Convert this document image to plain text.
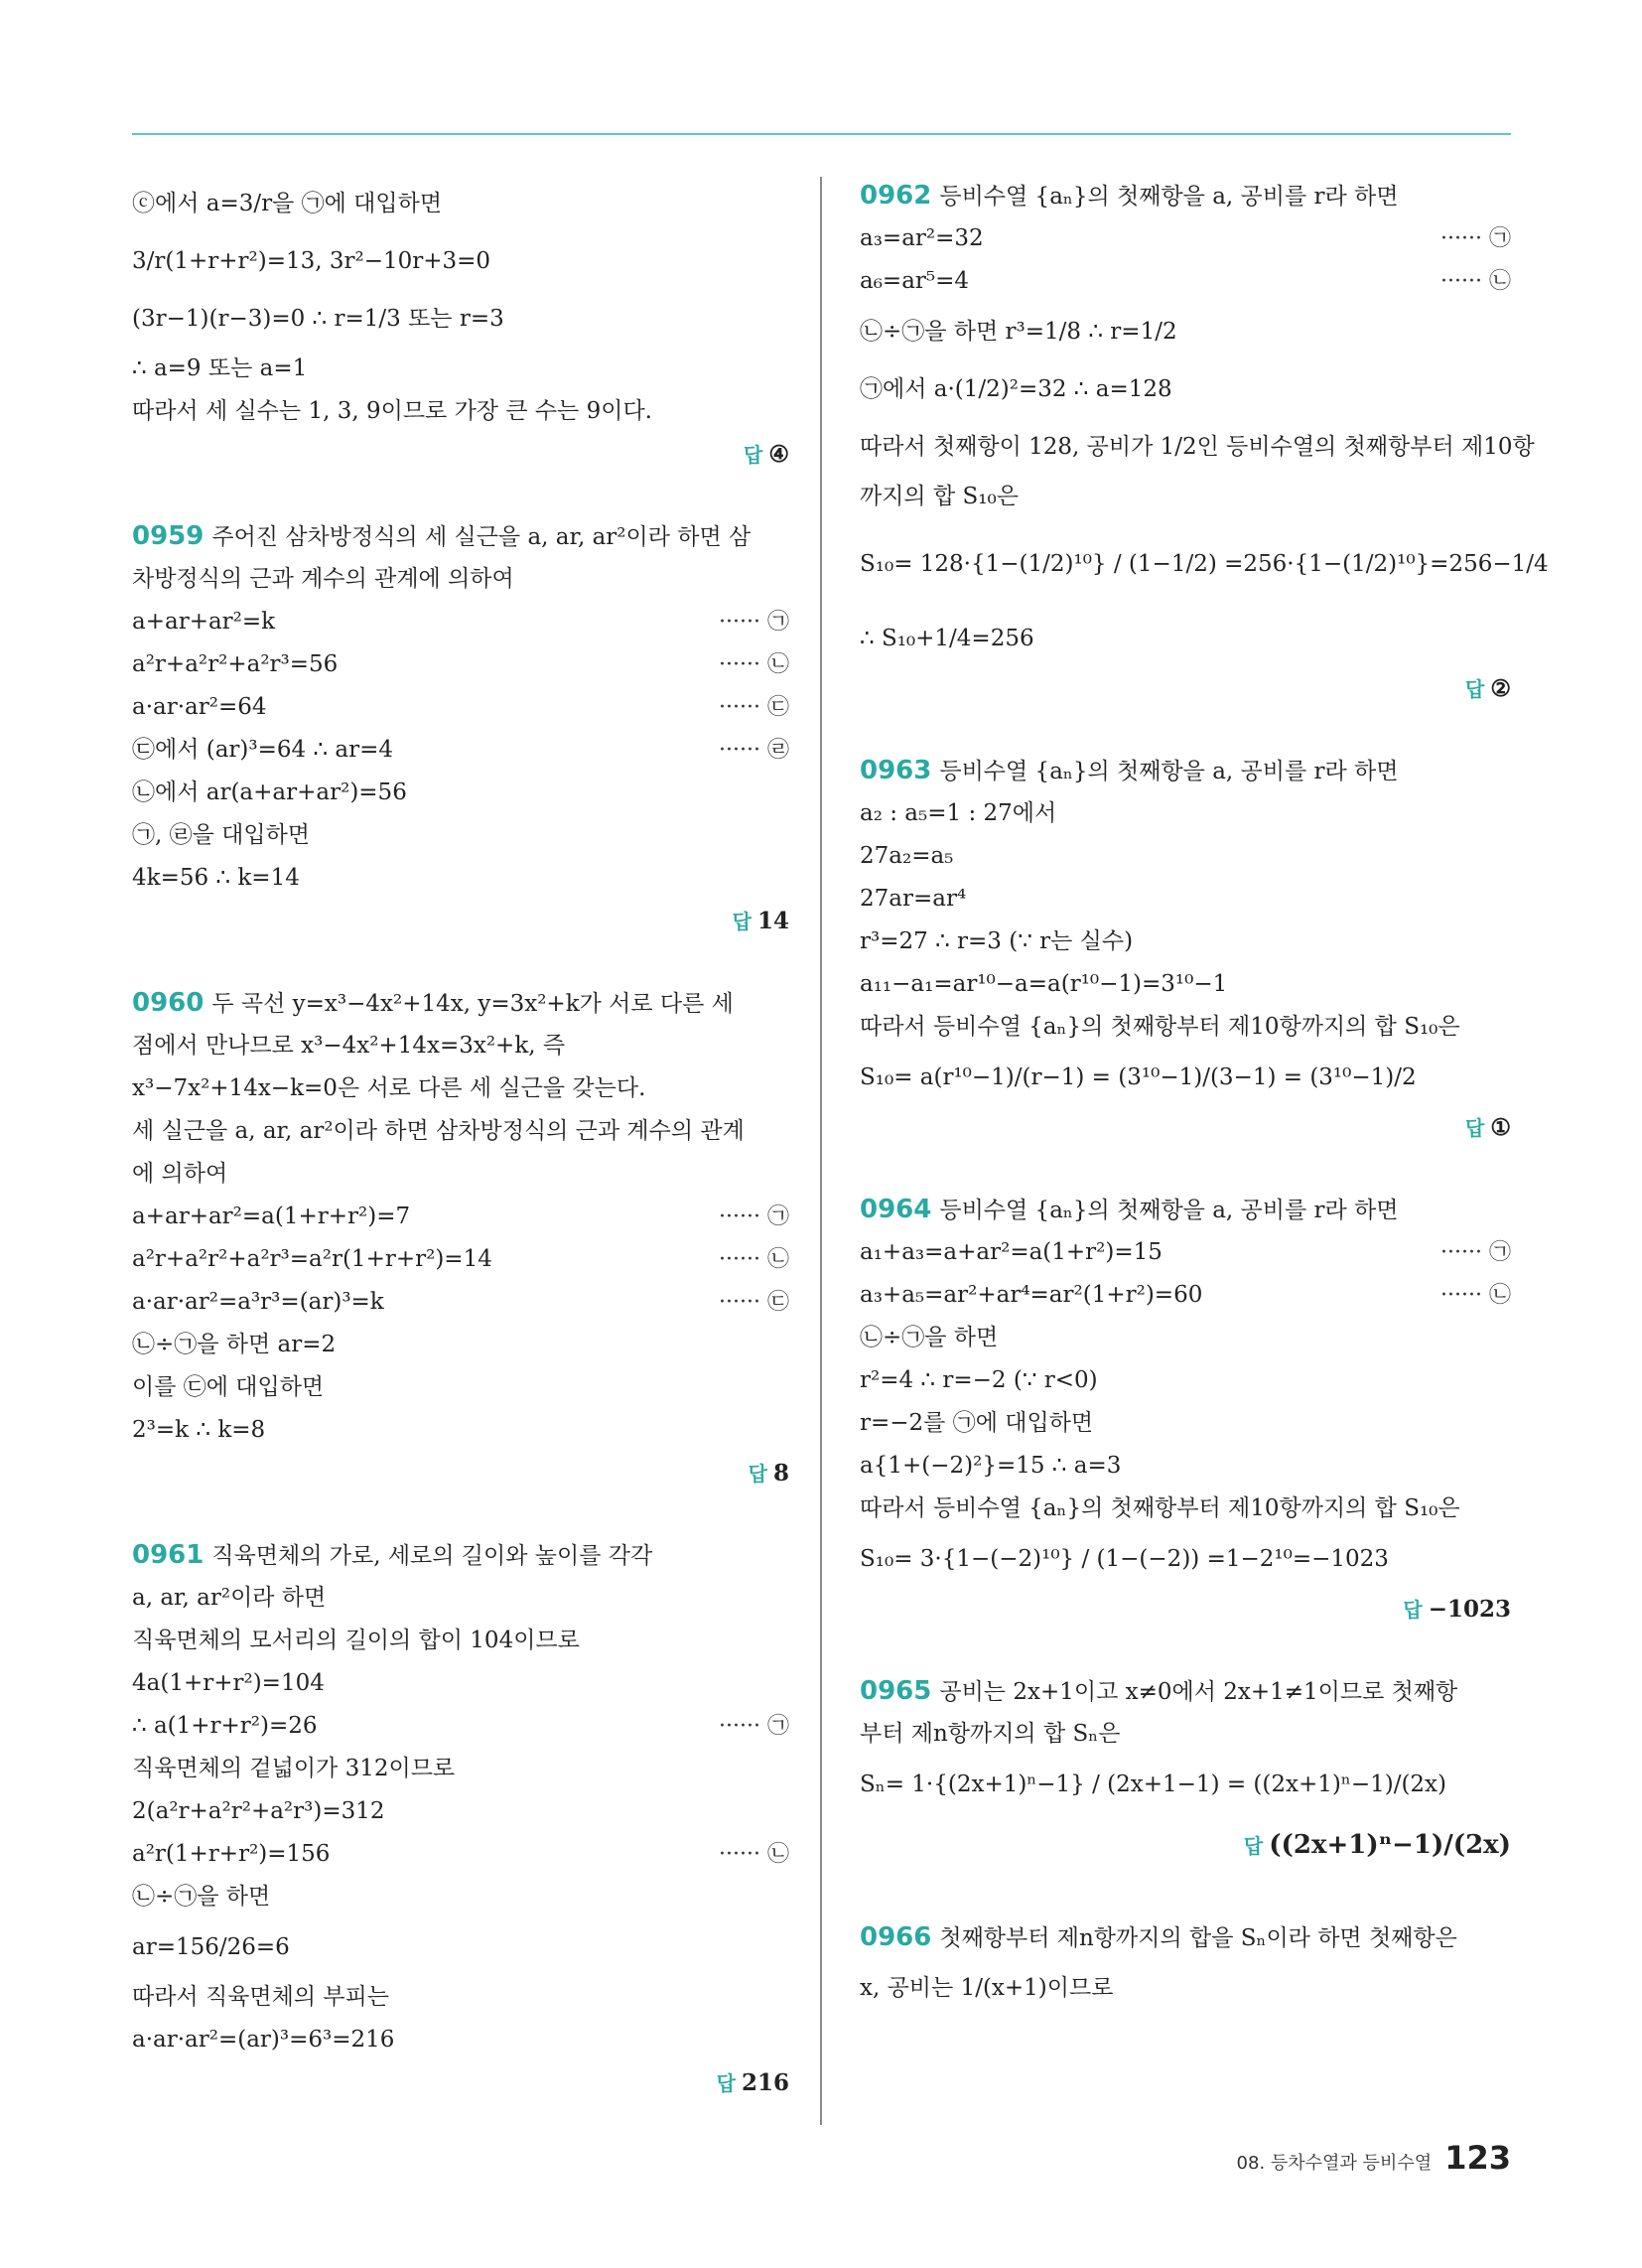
ⓒ에서 a=3/r을 ㉠에 대입하면
3/r(1+r+r²)=13, 3r²−10r+3=0
(3r−1)(r−3)=0 ∴ r=1/3 또는 r=3
∴ a=9 또는 a=1
따라서 세 실수는 1, 3, 9이므로 가장 큰 수는 9이다.
답 ④
0959 주어진 삼차방정식의 세 실근을 a, ar, ar²이라 하면 삼
차방정식의 근과 계수의 관계에 의하여
a+ar+ar²=k	······ ㉠
a²r+a²r²+a²r³=56	······ ㉡
a·ar·ar²=64	······ ㉢
㉢에서 (ar)³=64 ∴ ar=4	······ ㉣
㉡에서 ar(a+ar+ar²)=56
㉠, ㉣을 대입하면
4k=56 ∴ k=14
답 14
0960 두 곡선 y=x³−4x²+14x, y=3x²+k가 서로 다른 세
점에서 만나므로 x³−4x²+14x=3x²+k, 즉
x³−7x²+14x−k=0은 서로 다른 세 실근을 갖는다.
세 실근을 a, ar, ar²이라 하면 삼차방정식의 근과 계수의 관계
에 의하여
a+ar+ar²=a(1+r+r²)=7	······ ㉠
a²r+a²r²+a²r³=a²r(1+r+r²)=14	······ ㉡
a·ar·ar²=a³r³=(ar)³=k	······ ㉢
㉡÷㉠을 하면 ar=2
이를 ㉢에 대입하면
2³=k ∴ k=8
답 8
0961 직육면체의 가로, 세로의 길이와 높이를 각각
a, ar, ar²이라 하면
직육면체의 모서리의 길이의 합이 104이므로
4a(1+r+r²)=104
∴ a(1+r+r²)=26	······ ㉠
직육면체의 겉넓이가 312이므로
2(a²r+a²r²+a²r³)=312
a²r(1+r+r²)=156	······ ㉡
㉡÷㉠을 하면
ar=156/26=6
따라서 직육면체의 부피는
a·ar·ar²=(ar)³=6³=216
답 216
0962 등비수열 {aₙ}의 첫째항을 a, 공비를 r라 하면
a₃=ar²=32	······ ㉠
a₆=ar⁵=4	······ ㉡
㉡÷㉠을 하면 r³=1/8 ∴ r=1/2
㉠에서 a·(1/2)²=32 ∴ a=128
따라서 첫째항이 128, 공비가 1/2인 등비수열의 첫째항부터 제10항
까지의 합 S₁₀은
S₁₀= 128·{1−(1/2)¹⁰} / (1−1/2) =256·{1−(1/2)¹⁰}=256−1/4
∴ S₁₀+1/4=256
답 ②
0963 등비수열 {aₙ}의 첫째항을 a, 공비를 r라 하면
a₂ : a₅=1 : 27에서
27a₂=a₅
27ar=ar⁴
r³=27 ∴ r=3 (∵ r는 실수)
a₁₁−a₁=ar¹⁰−a=a(r¹⁰−1)=3¹⁰−1
따라서 등비수열 {aₙ}의 첫째항부터 제10항까지의 합 S₁₀은
S₁₀= a(r¹⁰−1)/(r−1) = (3¹⁰−1)/(3−1) = (3¹⁰−1)/2
답 ①
0964 등비수열 {aₙ}의 첫째항을 a, 공비를 r라 하면
a₁+a₃=a+ar²=a(1+r²)=15	······ ㉠
a₃+a₅=ar²+ar⁴=ar²(1+r²)=60	······ ㉡
㉡÷㉠을 하면
r²=4 ∴ r=−2 (∵ r<0)
r=−2를 ㉠에 대입하면
a{1+(−2)²}=15 ∴ a=3
따라서 등비수열 {aₙ}의 첫째항부터 제10항까지의 합 S₁₀은
S₁₀= 3·{1−(−2)¹⁰} / (1−(−2)) =1−2¹⁰=−1023
답 −1023
0965 공비는 2x+1이고 x≠0에서 2x+1≠1이므로 첫째항
부터 제n항까지의 합 Sₙ은
Sₙ= 1·{(2x+1)ⁿ−1} / (2x+1−1) = ((2x+1)ⁿ−1)/(2x)
답 ((2x+1)ⁿ−1)/(2x)
0966 첫째항부터 제n항까지의 합을 Sₙ이라 하면 첫째항은
x, 공비는 1/(x+1)이므로
08. 등차수열과 등비수열 123
